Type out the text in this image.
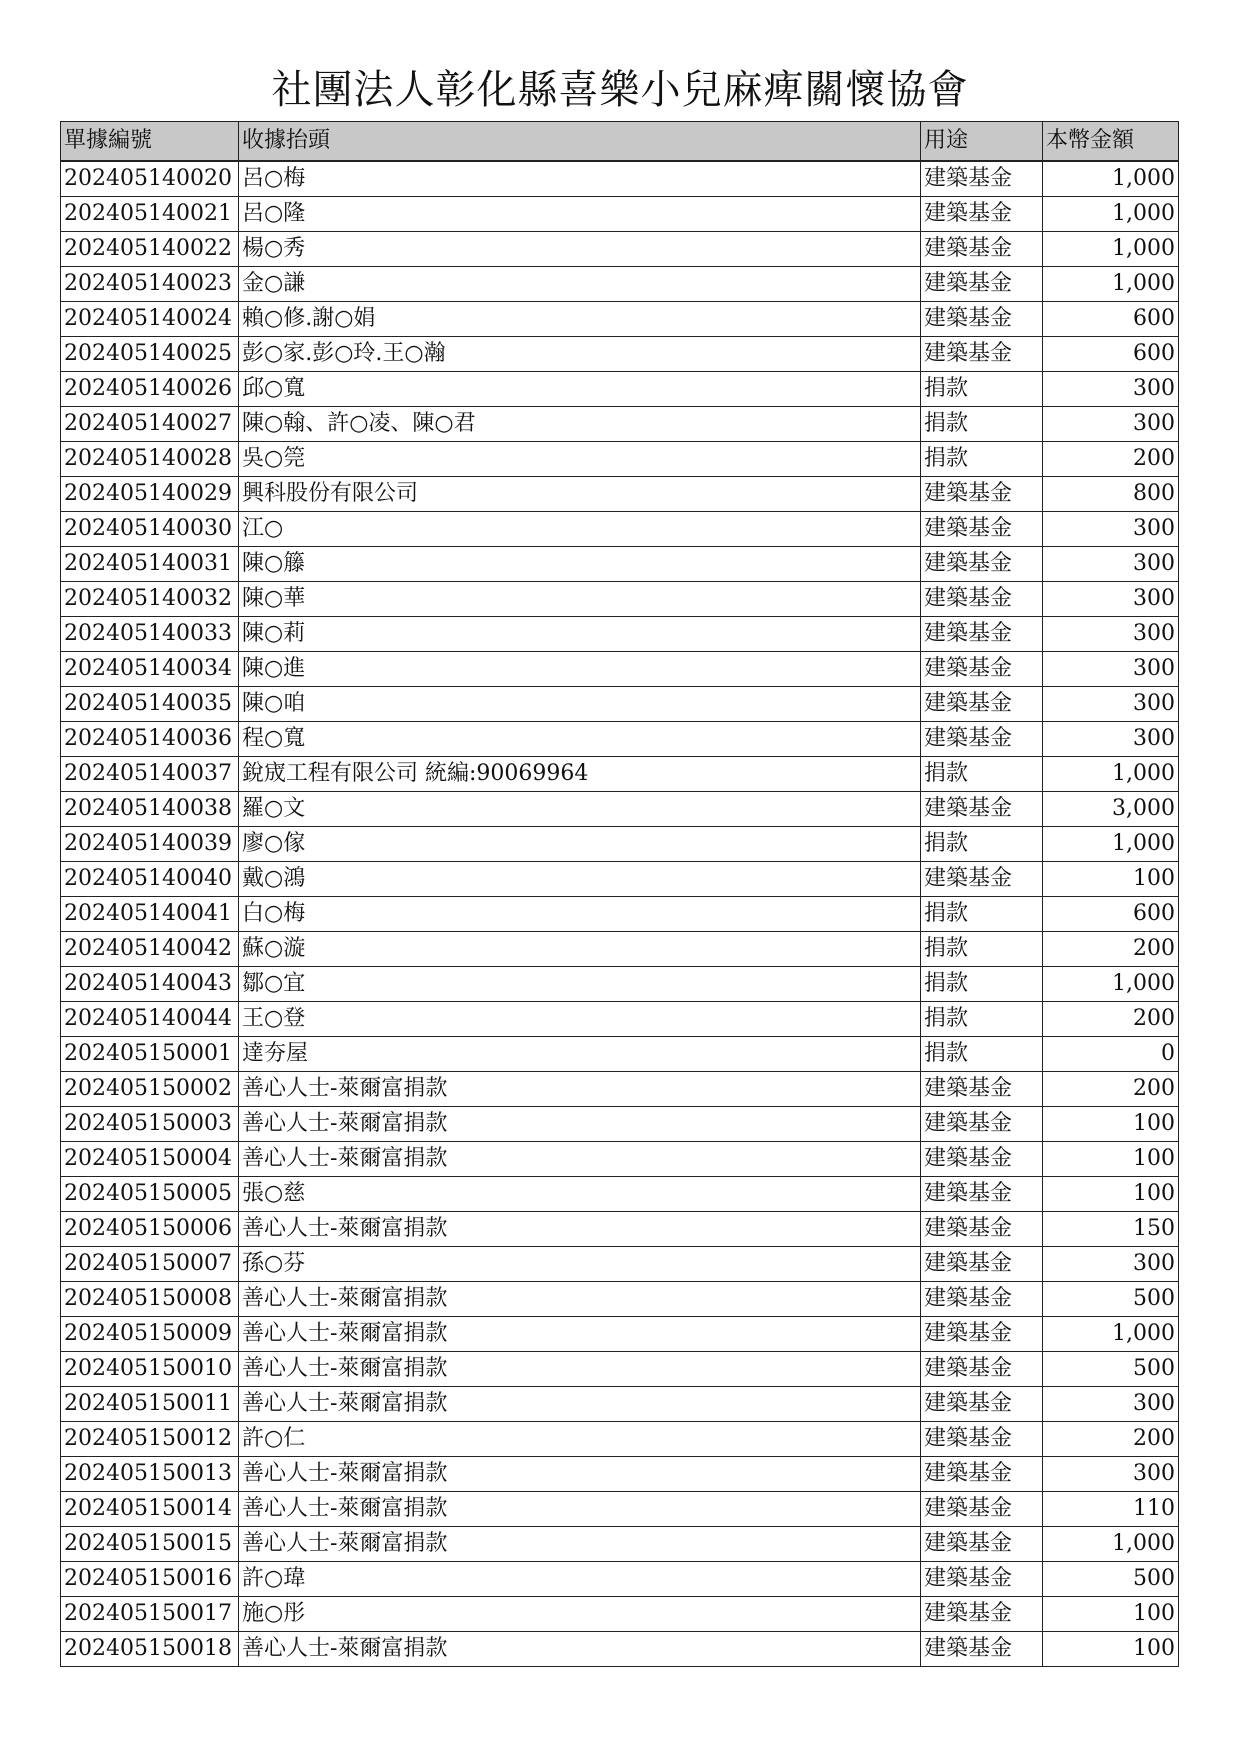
社團法人彰化縣喜樂小兒麻痺關懷協會
單據編號	收據抬頭	用途	本幣金額
202405140020	呂○梅	建築基金	1,000
202405140021	呂○隆	建築基金	1,000
202405140022	楊○秀	建築基金	1,000
202405140023	金○謙	建築基金	1,000
202405140024	賴○修.謝○娟	建築基金	600
202405140025	彭○家.彭○玲.王○瀚	建築基金	600
202405140026	邱○寬	捐款	300
202405140027	陳○翰、許○凌、陳○君	捐款	300
202405140028	吳○筦	捐款	200
202405140029	興科股份有限公司	建築基金	800
202405140030	江○	建築基金	300
202405140031	陳○籐	建築基金	300
202405140032	陳○華	建築基金	300
202405140033	陳○莉	建築基金	300
202405140034	陳○進	建築基金	300
202405140035	陳○咱	建築基金	300
202405140036	程○寬	建築基金	300
202405140037	銳宬工程有限公司 統編:90069964	捐款	1,000
202405140038	羅○文	建築基金	3,000
202405140039	廖○傢	捐款	1,000
202405140040	戴○鴻	建築基金	100
202405140041	白○梅	捐款	600
202405140042	蘇○漩	捐款	200
202405140043	鄒○宜	捐款	1,000
202405140044	王○登	捐款	200
202405150001	達夯屋	捐款	0
202405150002	善心人士-萊爾富捐款	建築基金	200
202405150003	善心人士-萊爾富捐款	建築基金	100
202405150004	善心人士-萊爾富捐款	建築基金	100
202405150005	張○慈	建築基金	100
202405150006	善心人士-萊爾富捐款	建築基金	150
202405150007	孫○芬	建築基金	300
202405150008	善心人士-萊爾富捐款	建築基金	500
202405150009	善心人士-萊爾富捐款	建築基金	1,000
202405150010	善心人士-萊爾富捐款	建築基金	500
202405150011	善心人士-萊爾富捐款	建築基金	300
202405150012	許○仁	建築基金	200
202405150013	善心人士-萊爾富捐款	建築基金	300
202405150014	善心人士-萊爾富捐款	建築基金	110
202405150015	善心人士-萊爾富捐款	建築基金	1,000
202405150016	許○瑋	建築基金	500
202405150017	施○彤	建築基金	100
202405150018	善心人士-萊爾富捐款	建築基金	100
